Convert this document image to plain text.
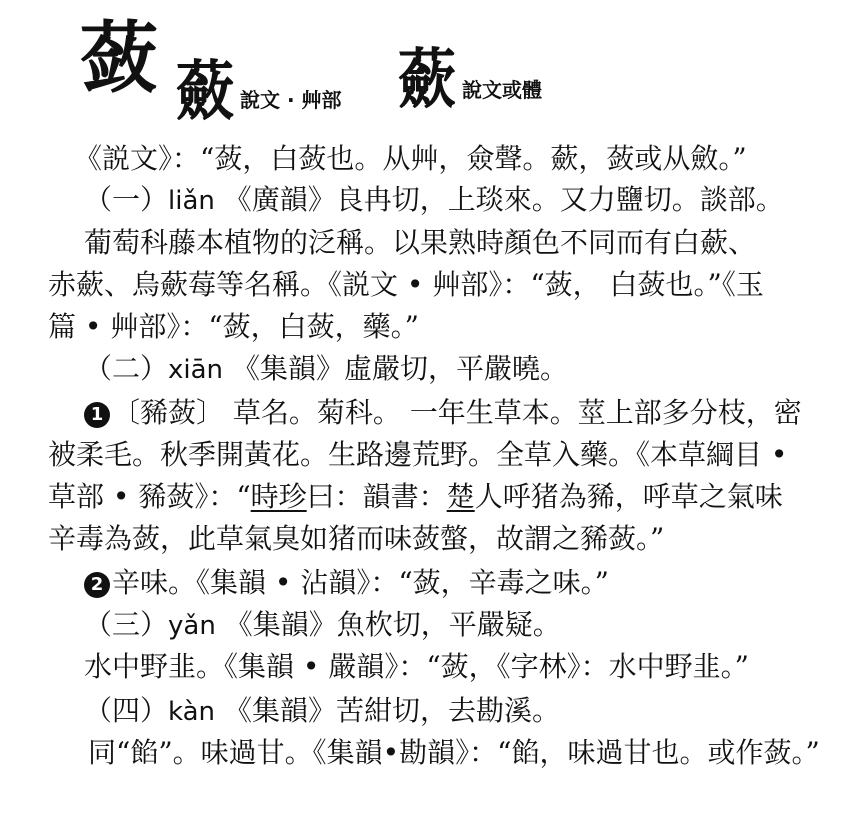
蔹 蘞 說文 · 艸部 蘝 說文或體
《説文》：“蔹，白蔹也。从艸，僉聲。蘝，蔹或从斂。”
（一）liǎn 《廣韻》良冉切，上琰來。又力鹽切。談部。
葡萄科藤本植物的泛稱。以果熟時顏色不同而有白蘝、
赤蘝、烏蘝莓等名稱。《説文 • 艸部》：“蔹， 白蔹也。”《玉
篇 • 艸部》：“蔹，白蔹，藥。”
（二）xiān 《集韻》虛嚴切，平嚴曉。
1 〔豨蔹〕 草名。菊科。 一年生草本。莖上部多分枝，密
被柔毛。秋季開黃花。生路邊荒野。全草入藥。《本草綱目 •
草部 • 豨蔹》：“時珍曰：韻書：楚人呼猪為豨，呼草之氣味
辛毒為蔹，此草氣臭如猪而味蔹螫，故謂之豨蔹。”
2 辛味。《集韻 • 沾韻》：“蔹，辛毒之味。”
（三）yǎn 《集韻》魚杴切，平嚴疑。
水中野韭。《集韻 • 嚴韻》：“蔹，《字林》：水中野韭。”
（四）kàn 《集韻》苦紺切，去勘溪。
同“餡”。味過甘。《集韻•勘韻》：“餡，味過甘也。或作蔹。”
